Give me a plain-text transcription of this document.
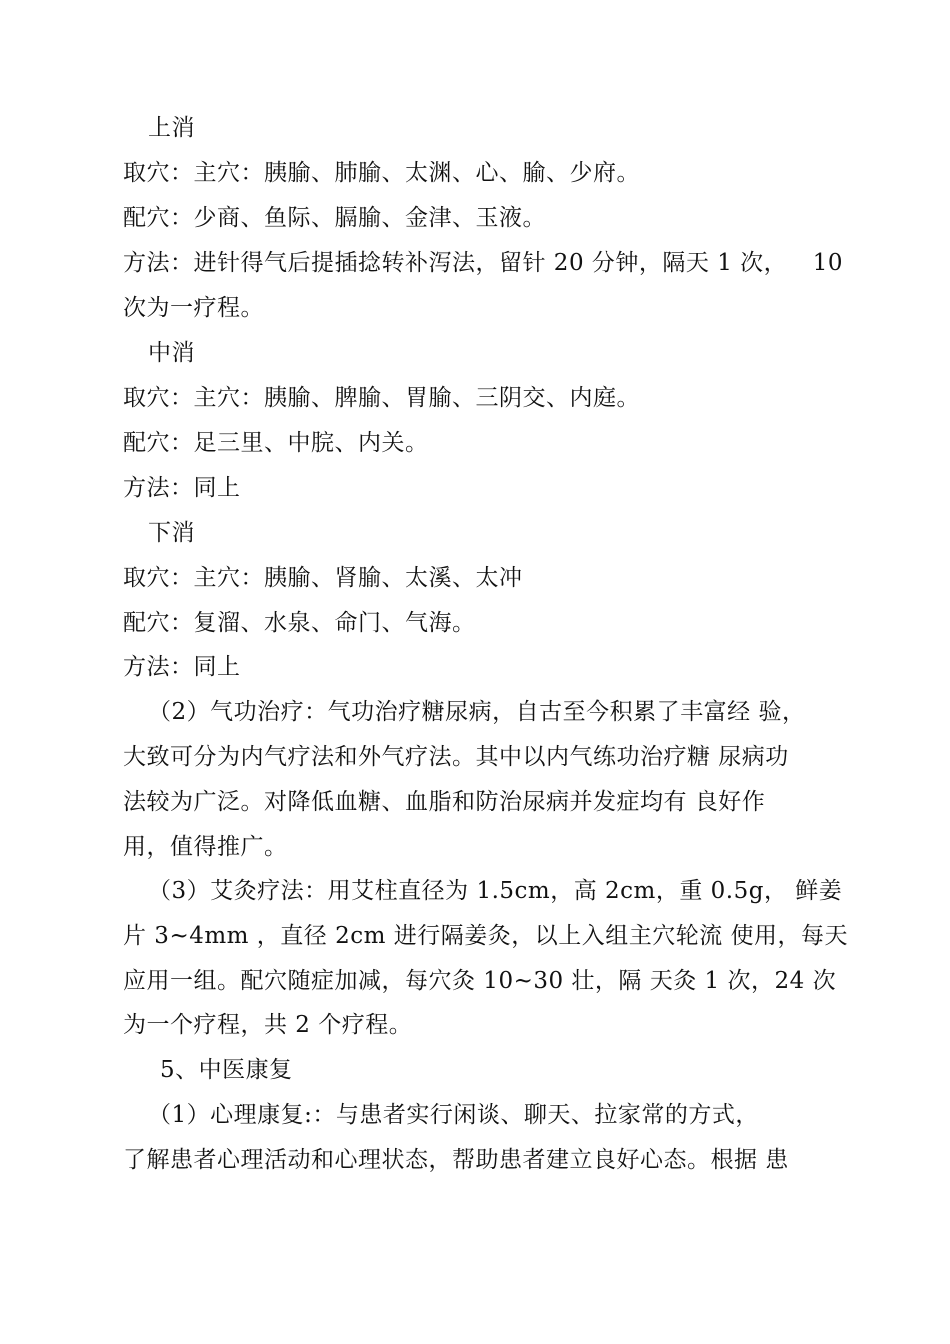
上消
取穴：主穴：胰腧、肺腧、太渊、心、腧、少府。
配穴：少商、鱼际、膈腧、金津、玉液。
方法：进针得气后提插捻转补泻法，留针 20 分钟，隔天 1 次， 10
次为一疗程。
中消
取穴：主穴：胰腧、脾腧、胃腧、三阴交、内庭。
配穴：足三里、中脘、内关。
方法：同上
下消
取穴：主穴：胰腧、肾腧、太溪、太冲
配穴：复溜、水泉、命门、气海。
方法：同上
（2）气功治疗：气功治疗糖尿病，自古至今积累了丰富经 验，
大致可分为内气疗法和外气疗法。其中以内气练功治疗糖 尿病功
法较为广泛。对降低血糖、血脂和防治尿病并发症均有 良好作
用，值得推广。
（3）艾灸疗法：用艾柱直径为 1.5cm，高 2cm，重 0.5g， 鲜姜
片 3~4mm ，直径 2cm 进行隔姜灸，以上入组主穴轮流 使用，每天
应用一组。配穴随症加减，每穴灸 10~30 壮，隔 天灸 1 次，24 次
为一个疗程，共 2 个疗程。
5、中医康复
（1）心理康复:：与患者实行闲谈、聊天、拉家常的方式，
了解患者心理活动和心理状态，帮助患者建立良好心态。根据 患
